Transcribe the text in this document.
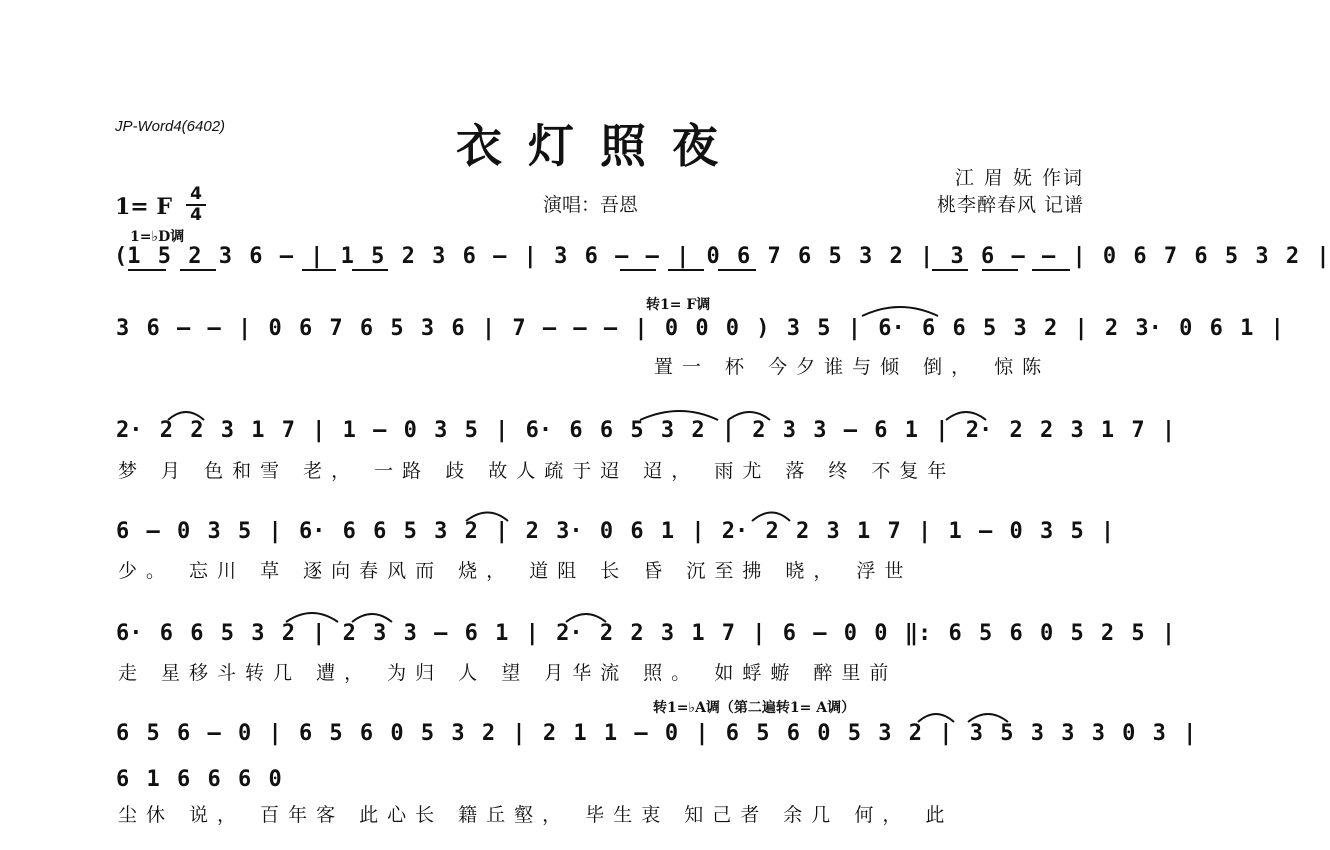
JP-Word4(6402)	衣灯照夜
江 眉 妩 作词
演唱：吾恩	桃李醉春风 记谱
1= F 4
4
1=♭D调
转1= F调
转1=♭A调（第二遍转1= A调）
(1 5 2 3 6 – | 1 5 2 3 6 – | 3 6 – – | 0 6 7 6 5 3 2 | 3 6 – – | 0 6 7 6 5 3 2 |
3 6 – – | 0 6 7 6 5 3 6 | 7 – – – | 0 0 0 ) 3 5 | 6· 6 6 5 3 2 | 2 3· 0 6 1 |
置一 杯 今夕谁与倾 倒， 惊陈
2· 2 2 3 1 7 | 1 – 0 3 5 | 6· 6 6 5 3 2 | 2 3 3 – 6 1 | 2· 2 2 3 1 7 |
梦 月 色和雪 老， 一路 歧 故人疏于迢 迢， 雨尤 落 终 不复年
6 – 0 3 5 | 6· 6 6 5 3 2 | 2 3· 0 6 1 | 2· 2 2 3 1 7 | 1 – 0 3 5 |
少。 忘川 草 逐向春风而 烧， 道阻 长 昏 沉至拂 晓， 浮世
6· 6 6 5 3 2 | 2 3 3 – 6 1 | 2· 2 2 3 1 7 | 6 – 0 0 ‖: 6 5 6 0 5 2 5 |
走 星移斗转几 遭， 为归 人 望 月华流 照。 如蜉蝣 醉里前
6 5 6 – 0 | 6 5 6 0 5 3 2 | 2 1 1 – 0 | 6 5 6 0 5 3 2 | 3 5 3 3 3 0 3 |
6 1 6 6 6 0
尘休 说， 百年客 此心长 籍丘壑， 毕生衷 知己者 余几 何， 此
